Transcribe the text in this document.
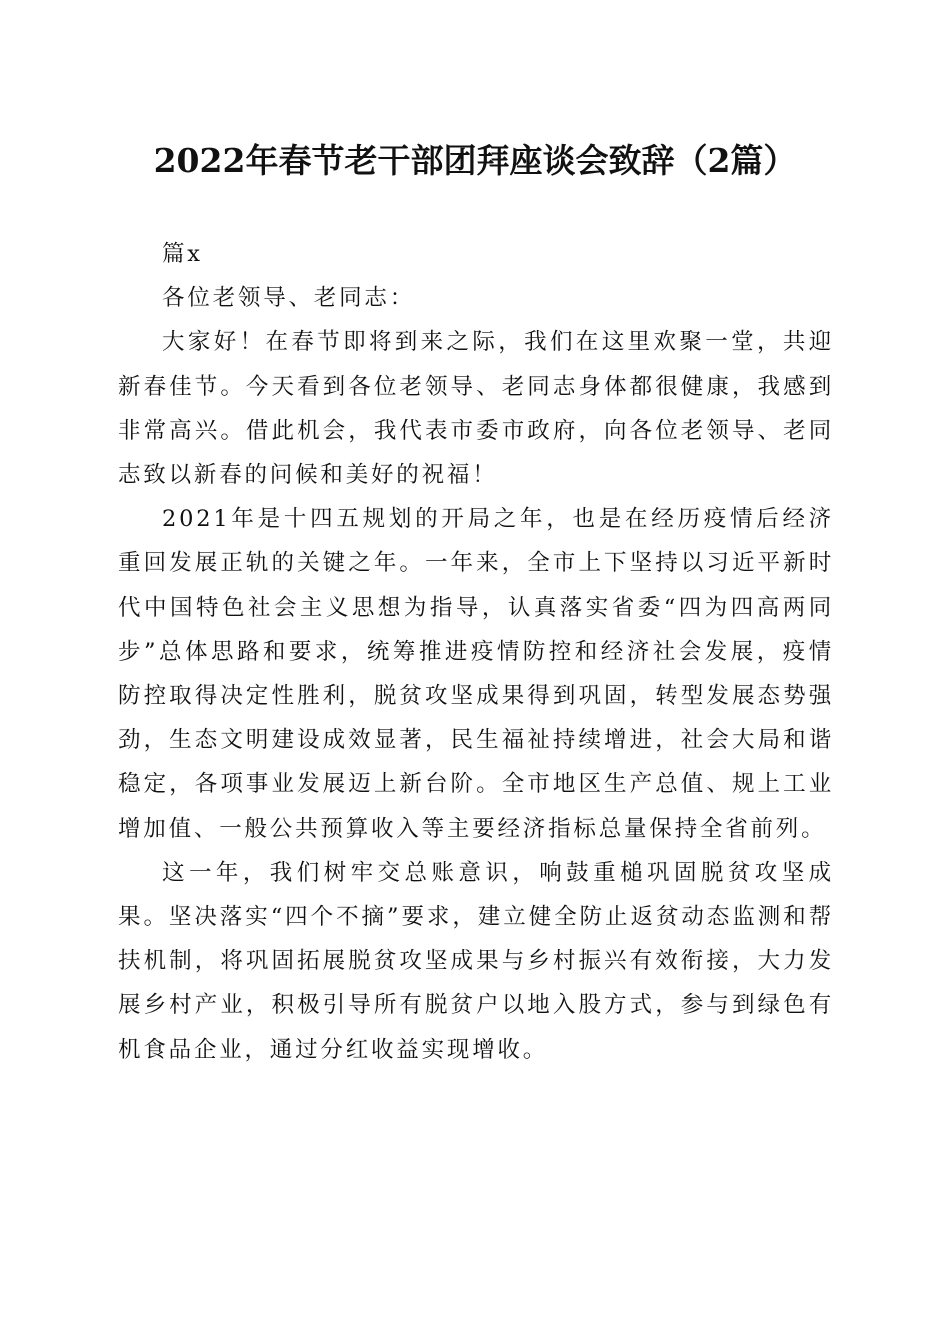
2022年春节老干部团拜座谈会致辞（2篇）

篇x

各位老领导、老同志：

大家好！在春节即将到来之际，我们在这里欢聚一堂，共迎新春佳节。今天看到各位老领导、老同志身体都很健康，我感到非常高兴。借此机会，我代表市委市政府，向各位老领导、老同志致以新春的问候和美好的祝福！

2021年是十四五规划的开局之年，也是在经历疫情后经济重回发展正轨的关键之年。一年来，全市上下坚持以习近平新时代中国特色社会主义思想为指导，认真落实省委“四为四高两同步”总体思路和要求，统筹推进疫情防控和经济社会发展，疫情防控取得决定性胜利，脱贫攻坚成果得到巩固，转型发展态势强劲，生态文明建设成效显著，民生福祉持续增进，社会大局和谐稳定，各项事业发展迈上新台阶。全市地区生产总值、规上工业增加值、一般公共预算收入等主要经济指标总量保持全省前列。

这一年，我们树牢交总账意识，响鼓重槌巩固脱贫攻坚成果。坚决落实“四个不摘”要求，建立健全防止返贫动态监测和帮扶机制，将巩固拓展脱贫攻坚成果与乡村振兴有效衔接，大力发展乡村产业，积极引导所有脱贫户以地入股方式，参与到绿色有机食品企业，通过分红收益实现增收。
